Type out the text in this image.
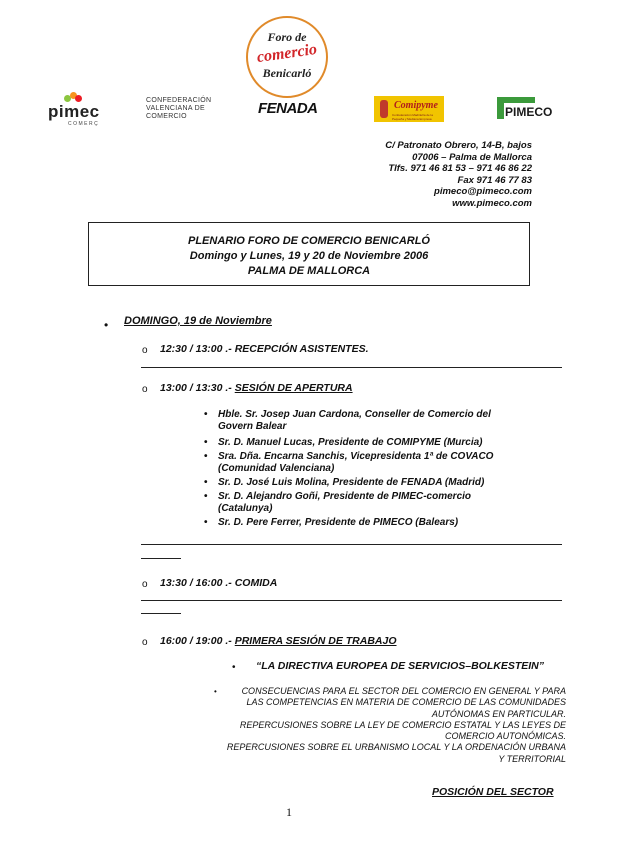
Foro de
comercio
Benicarló
pimec
COMERÇ
CONFEDERACIÓN
VALENCIANA DE
COMERCIO	FENADA	Comipyme
Confederación Madrileña de la Pequeña y Mediana Empresa	PIMECO
C/ Patronato Obrero, 14-B, bajos
07006 – Palma de Mallorca
Tlfs. 971 46 81 53 – 971 46 86 22
Fax 971 46 77 83
pimeco@pimeco.com
www.pimeco.com
PLENARIO FORO DE COMERCIO BENICARLÓ
Domingo y Lunes, 19 y 20 de Noviembre 2006
PALMA DE MALLORCA
• DOMINGO, 19 de Noviembre
o 12:30 / 13:00 .- RECEPCIÓN ASISTENTES.
o 13:00 / 13:30 .- SESIÓN DE APERTURA
• Hble. Sr. Josep Juan Cardona, Conseller de Comercio del
Govern Balear
• Sr. D. Manuel Lucas, Presidente de COMIPYME (Murcia)
• Sra. Dña. Encarna Sanchis, Vicepresidenta 1ª de COVACO
(Comunidad Valenciana)
• Sr. D. José Luis Molina, Presidente de FENADA (Madrid)
• Sr. D. Alejandro Goñi, Presidente de PIMEC-comercio
(Catalunya)
• Sr. D. Pere Ferrer, Presidente de PIMECO (Balears)
o 13:30 / 16:00 .- COMIDA
o 16:00 / 19:00 .- PRIMERA SESIÓN DE TRABAJO
• “LA DIRECTIVA EUROPEA DE SERVICIOS–BOLKESTEIN”
•	CONSECUENCIAS PARA EL SECTOR DEL COMERCIO EN GENERAL Y PARA

LAS COMPETENCIAS EN MATERIA DE COMERCIO DE LAS COMUNIDADES

AUTÓNOMAS EN PARTICULAR.

REPERCUSIONES SOBRE LA LEY DE COMERCIO ESTATAL Y LAS LEYES DE

COMERCIO AUTONÓMICAS.

REPERCUSIONES SOBRE EL URBANISMO LOCAL Y LA ORDENACIÓN URBANA

Y TERRITORIAL

POSICIÓN DEL SECTOR
1
